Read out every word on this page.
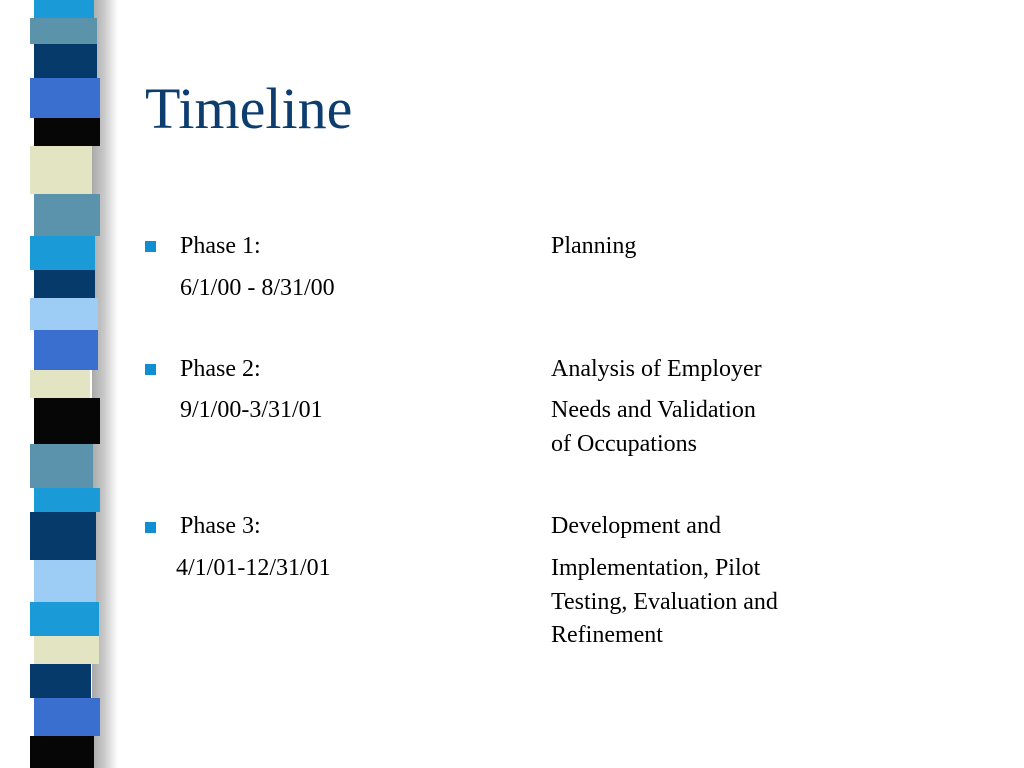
Timeline
Phase 1:
6/1/00 - 8/31/00
Planning
Phase 2:
9/1/00-3/31/01
Analysis of Employer
Needs and Validation
of Occupations
Phase 3:
4/1/01-12/31/01
Development and
Implementation, Pilot
Testing, Evaluation and
Refinement
